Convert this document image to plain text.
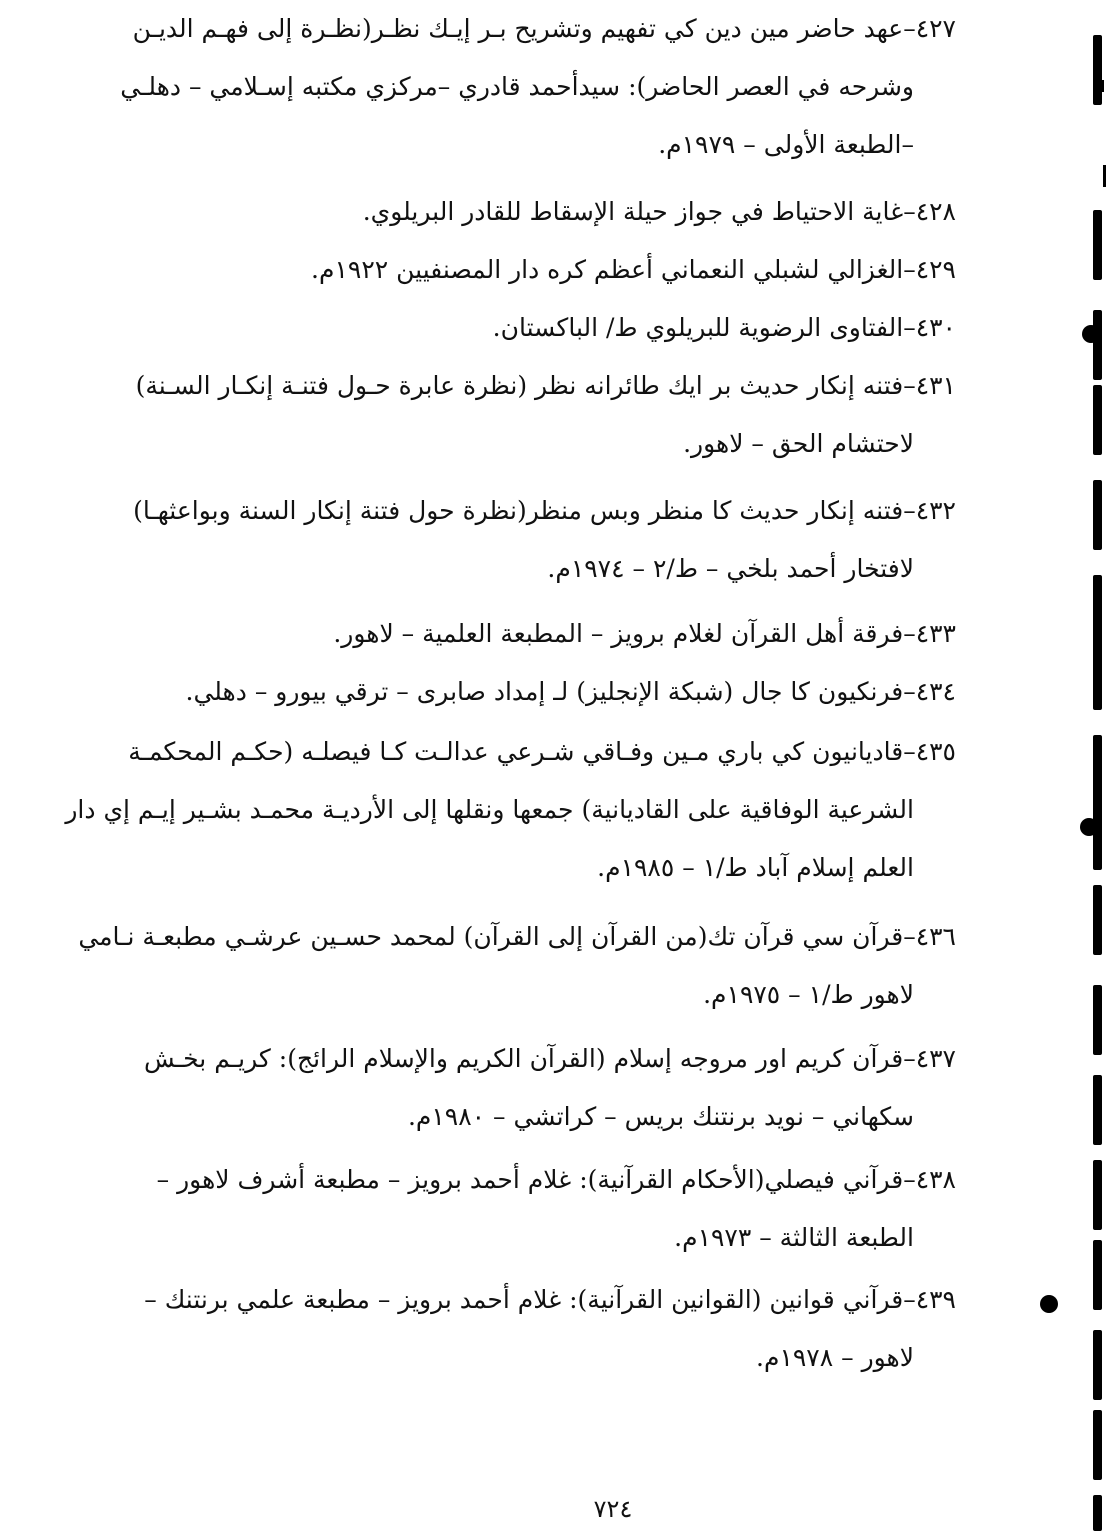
٤٢٧–عهد حاضر مين دين كي تفهيم وتشريح بـر إيـك نظـر(نظـرة إلى فهـم الديـن
وشرحه في العصر الحاضر): سيدأحمد قادري –مركزي مكتبه إسـلامي – دهلـي
–الطبعة الأولى – ١٩٧٩م.
٤٢٨–غاية الاحتياط في جواز حيلة الإسقاط للقادر البريلوي.
٤٢٩–الغزالي لشبلي النعماني أعظم كره دار المصنفيين ١٩٢٢م.
٤٣٠–الفتاوى الرضوية للبريلوي ط/ الباكستان.
٤٣١–فتنه إنكار حديث بر ايك طائرانه نظر (نظرة عابرة حـول فتنـة إنكـار السـنة)
لاحتشام الحق – لاهور.
٤٣٢–فتنه إنكار حديث كا منظر وبس منظر(نظرة حول فتنة إنكار السنة وبواعثهـا)
لافتخار أحمد بلخي – ط/٢ – ١٩٧٤م.
٤٣٣–فرقة أهل القرآن لغلام برويز – المطبعة العلمية – لاهور.
٤٣٤–فرنكيون كا جال (شبكة الإنجليز) لـ إمداد صابرى – ترقي بيورو – دهلي.
٤٣٥–قاديانيون كي باري مـين وفـاقي شـرعي عدالـت كـا فيصلـه (حكـم المحكمـة
الشرعية الوفاقية على القاديانية) جمعها ونقلها إلى الأرديـة محمـد بشـير إيـم إي دار
العلم إسلام آباد ط/١ – ١٩٨٥م.
٤٣٦–قرآن سي قرآن تك(من القرآن إلى القرآن) لمحمد حسـين عرشـي مطبعـة نـامي
لاهور ط/١ – ١٩٧٥م.
٤٣٧–قرآن كريم اور مروجه إسلام (القرآن الكريم والإسلام الرائج): كريـم بخـش
سكهاني – نويد برنتنك بريس – كراتشي – ١٩٨٠م.
٤٣٨–قرآني فيصلي(الأحكام القرآنية): غلام أحمد برويز – مطبعة أشرف لاهور –
الطبعة الثالثة – ١٩٧٣م.
٤٣٩–قرآني قوانين (القوانين القرآنية): غلام أحمد برويز – مطبعة علمي برنتنك –
لاهور – ١٩٧٨م.
٧٢٤
